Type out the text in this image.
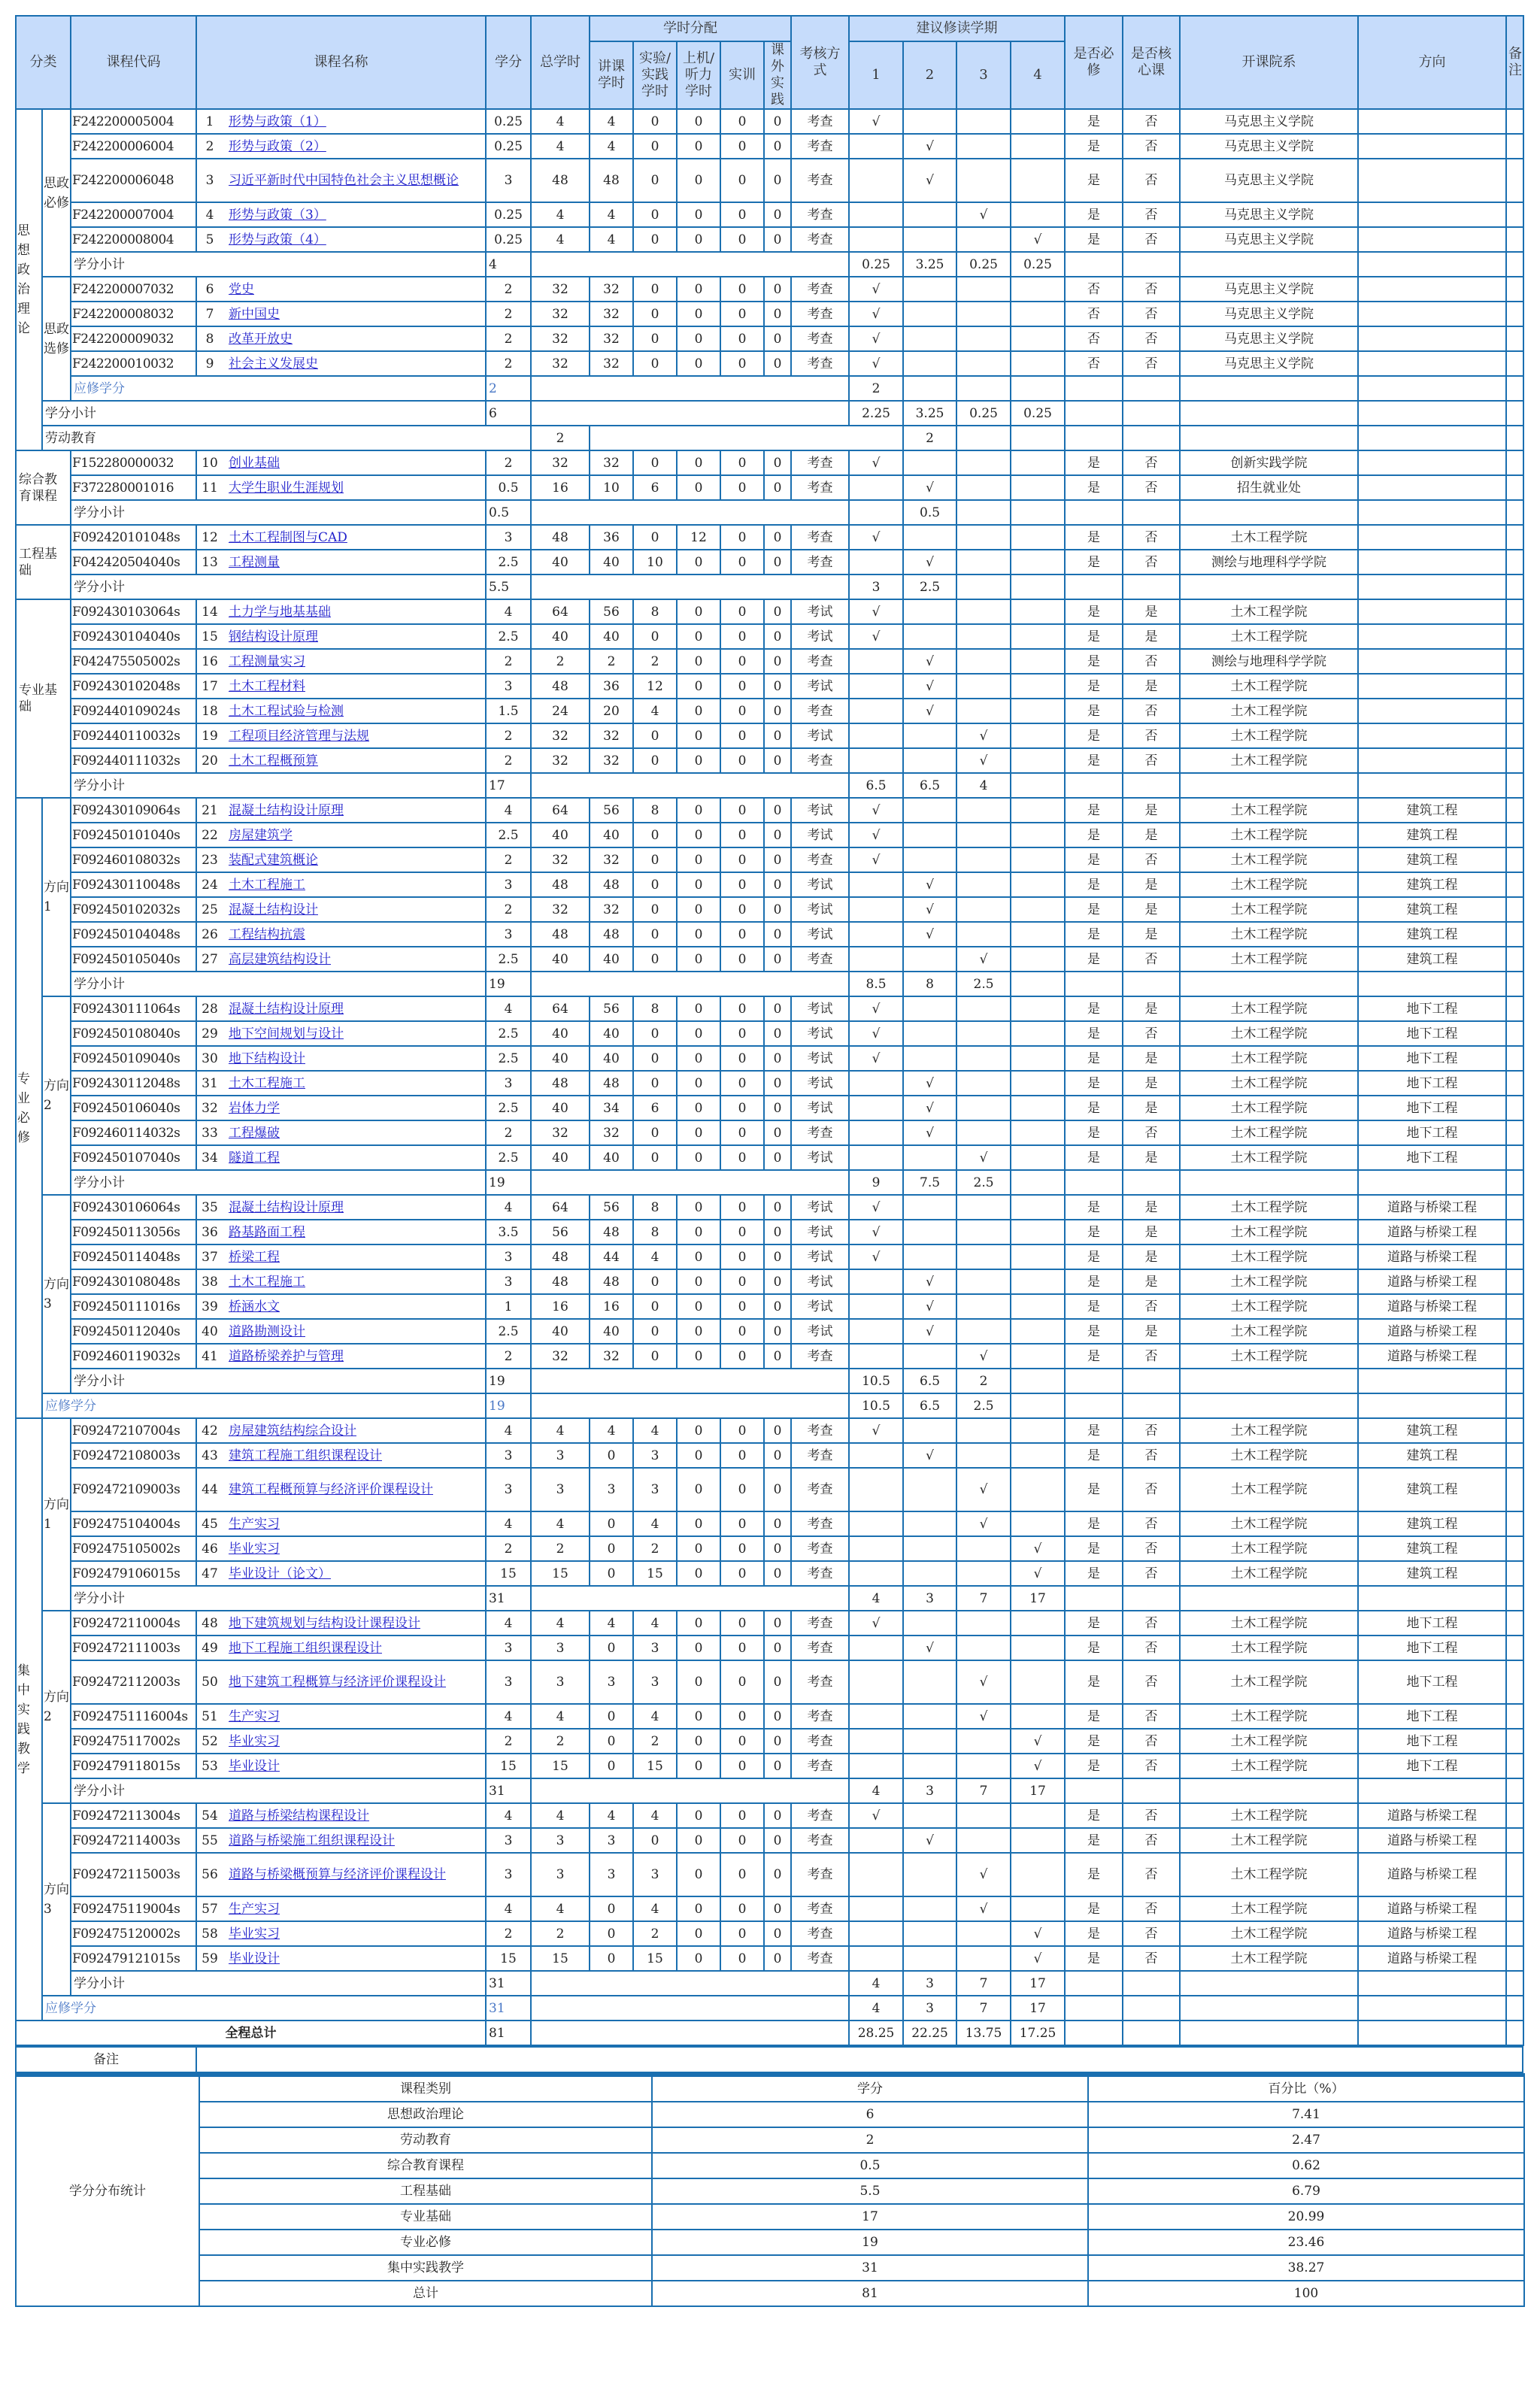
分类		课程代码	课程名称	学分	总学时	学时分配					考核方式	建议修读学期				是否必修	是否核心课	开课院系	方向	备注	
						讲课学时	实验/实践学时	上机/听力学时	实训	课外实践		1	2	3	4						
思想政治理论	思政必修	F242200005004	1 形势与政策（1）	0.25	4	4	0	0	0	0	考查	√				是	否	马克思主义学院			
		F242200006004	2 形势与政策（2）	0.25	4	4	0	0	0	0	考查		√			是	否	马克思主义学院			
		F242200006048	3 习近平新时代中国特色社会主义思想概论	3	48	48	0	0	0	0	考查		√			是	否	马克思主义学院			
		F242200007004	4 形势与政策（3）	0.25	4	4	0	0	0	0	考查			√		是	否	马克思主义学院			
		F242200008004	5 形势与政策（4）	0.25	4	4	0	0	0	0	考查				√	是	否	马克思主义学院			
		学分小计		4								0.25	3.25	0.25	0.25						
	思政选修	F242200007032	6 党史	2	32	32	0	0	0	0	考查	√				否	否	马克思主义学院			
		F242200008032	7 新中国史	2	32	32	0	0	0	0	考查	√				否	否	马克思主义学院			
		F242200009032	8 改革开放史	2	32	32	0	0	0	0	考查	√				否	否	马克思主义学院			
		F242200010032	9 社会主义发展史	2	32	32	0	0	0	0	考查	√				否	否	马克思主义学院			
		应修学分		2								2									
	学分小计			6								2.25	3.25	0.25	0.25						
	劳动教育				2								2								
综合教育课程		F152280000032	10 创业基础	2	32	32	0	0	0	0	考查	√				是	否	创新实践学院			
		F372280001016	11 大学生职业生涯规划	0.5	16	10	6	0	0	0	考查		√			是	否	招生就业处			
		学分小计		0.5									0.5								
工程基础		F092420101048s	12 土木工程制图与CAD	3	48	36	0	12	0	0	考查	√				是	否	土木工程学院			
		F042420504040s	13 工程测量	2.5	40	40	10	0	0	0	考查		√			是	否	测绘与地理科学学院			
		学分小计		5.5								3	2.5								
专业基础		F092430103064s	14 土力学与地基基础	4	64	56	8	0	0	0	考试	√				是	是	土木工程学院			
		F092430104040s	15 钢结构设计原理	2.5	40	40	0	0	0	0	考试	√				是	是	土木工程学院			
		F042475505002s	16 工程测量实习	2	2	2	2	0	0	0	考查		√			是	否	测绘与地理科学学院			
		F092430102048s	17 土木工程材料	3	48	36	12	0	0	0	考试		√			是	是	土木工程学院			
		F092440109024s	18 土木工程试验与检测	1.5	24	20	4	0	0	0	考查		√			是	否	土木工程学院			
		F092440110032s	19 工程项目经济管理与法规	2	32	32	0	0	0	0	考试			√		是	否	土木工程学院			
		F092440111032s	20 土木工程概预算	2	32	32	0	0	0	0	考查			√		是	否	土木工程学院			
		学分小计		17								6.5	6.5	4							
专业必修	方向1	F092430109064s	21 混凝土结构设计原理	4	64	56	8	0	0	0	考试	√				是	是	土木工程学院	建筑工程		
		F092450101040s	22 房屋建筑学	2.5	40	40	0	0	0	0	考试	√				是	是	土木工程学院	建筑工程		
		F092460108032s	23 装配式建筑概论	2	32	32	0	0	0	0	考查	√				是	否	土木工程学院	建筑工程		
		F092430110048s	24 土木工程施工	3	48	48	0	0	0	0	考试		√			是	是	土木工程学院	建筑工程		
		F092450102032s	25 混凝土结构设计	2	32	32	0	0	0	0	考试		√			是	是	土木工程学院	建筑工程		
		F092450104048s	26 工程结构抗震	3	48	48	0	0	0	0	考试		√			是	是	土木工程学院	建筑工程		
		F092450105040s	27 高层建筑结构设计	2.5	40	40	0	0	0	0	考查			√		是	否	土木工程学院	建筑工程		
		学分小计		19								8.5	8	2.5							
	方向2	F092430111064s	28 混凝土结构设计原理	4	64	56	8	0	0	0	考试	√				是	是	土木工程学院	地下工程		
		F092450108040s	29 地下空间规划与设计	2.5	40	40	0	0	0	0	考试	√				是	否	土木工程学院	地下工程		
		F092450109040s	30 地下结构设计	2.5	40	40	0	0	0	0	考试	√				是	是	土木工程学院	地下工程		
		F092430112048s	31 土木工程施工	3	48	48	0	0	0	0	考试		√			是	是	土木工程学院	地下工程		
		F092450106040s	32 岩体力学	2.5	40	34	6	0	0	0	考试		√			是	是	土木工程学院	地下工程		
		F092460114032s	33 工程爆破	2	32	32	0	0	0	0	考查		√			是	否	土木工程学院	地下工程		
		F092450107040s	34 隧道工程	2.5	40	40	0	0	0	0	考试			√		是	是	土木工程学院	地下工程		
		学分小计		19								9	7.5	2.5							
	方向3	F092430106064s	35 混凝土结构设计原理	4	64	56	8	0	0	0	考试	√				是	是	土木工程学院	道路与桥梁工程		
		F092450113056s	36 路基路面工程	3.5	56	48	8	0	0	0	考试	√				是	是	土木工程学院	道路与桥梁工程		
		F092450114048s	37 桥梁工程	3	48	44	4	0	0	0	考试	√				是	是	土木工程学院	道路与桥梁工程		
		F092430108048s	38 土木工程施工	3	48	48	0	0	0	0	考试		√			是	是	土木工程学院	道路与桥梁工程		
		F092450111016s	39 桥涵水文	1	16	16	0	0	0	0	考试		√			是	否	土木工程学院	道路与桥梁工程		
		F092450112040s	40 道路勘测设计	2.5	40	40	0	0	0	0	考试		√			是	是	土木工程学院	道路与桥梁工程		
		F092460119032s	41 道路桥梁养护与管理	2	32	32	0	0	0	0	考查			√		是	否	土木工程学院	道路与桥梁工程		
		学分小计		19								10.5	6.5	2							
	应修学分			19								10.5	6.5	2.5							
集中实践教学	方向1	F092472107004s	42 房屋建筑结构综合设计	4	4	4	4	0	0	0	考查	√				是	否	土木工程学院	建筑工程		
		F092472108003s	43 建筑工程施工组织课程设计	3	3	0	3	0	0	0	考查		√			是	否	土木工程学院	建筑工程		
		F092472109003s	44 建筑工程概预算与经济评价课程设计	3	3	3	3	0	0	0	考查			√		是	否	土木工程学院	建筑工程		
		F092475104004s	45 生产实习	4	4	0	4	0	0	0	考查			√		是	否	土木工程学院	建筑工程		
		F092475105002s	46 毕业实习	2	2	0	2	0	0	0	考查				√	是	否	土木工程学院	建筑工程		
		F092479106015s	47 毕业设计（论文）	15	15	0	15	0	0	0	考查				√	是	否	土木工程学院	建筑工程		
		学分小计		31								4	3	7	17						
	方向2	F092472110004s	48 地下建筑规划与结构设计课程设计	4	4	4	4	0	0	0	考查	√				是	否	土木工程学院	地下工程		
		F092472111003s	49 地下工程施工组织课程设计	3	3	0	3	0	0	0	考查		√			是	否	土木工程学院	地下工程		
		F092472112003s	50 地下建筑工程概算与经济评价课程设计	3	3	3	3	0	0	0	考查			√		是	否	土木工程学院	地下工程		
		F0924751116004s	51 生产实习	4	4	0	4	0	0	0	考查			√		是	否	土木工程学院	地下工程		
		F092475117002s	52 毕业实习	2	2	0	2	0	0	0	考查				√	是	否	土木工程学院	地下工程		
		F092479118015s	53 毕业设计	15	15	0	15	0	0	0	考查				√	是	否	土木工程学院	地下工程		
		学分小计		31								4	3	7	17						
	方向3	F092472113004s	54 道路与桥梁结构课程设计	4	4	4	4	0	0	0	考查	√				是	否	土木工程学院	道路与桥梁工程		
		F092472114003s	55 道路与桥梁施工组织课程设计	3	3	3	0	0	0	0	考查		√			是	否	土木工程学院	道路与桥梁工程		
		F092472115003s	56 道路与桥梁概预算与经济评价课程设计	3	3	3	3	0	0	0	考查			√		是	否	土木工程学院	道路与桥梁工程		
		F092475119004s	57 生产实习	4	4	0	4	0	0	0	考查			√		是	否	土木工程学院	道路与桥梁工程		
		F092475120002s	58 毕业实习	2	2	0	2	0	0	0	考查				√	是	否	土木工程学院	道路与桥梁工程		
		F092479121015s	59 毕业设计	15	15	0	15	0	0	0	考查				√	是	否	土木工程学院	道路与桥梁工程		
		学分小计		31								4	3	7	17						
	应修学分			31								4	3	7	17						
全程总计				81								28.25	22.25	13.75	17.25						
备注	
学分分布统计	课程类别	学分	百分比（%）
	思想政治理论	6	7.41
	劳动教育	2	2.47
	综合教育课程	0.5	0.62
	工程基础	5.5	6.79
	专业基础	17	20.99
	专业必修	19	23.46
	集中实践教学	31	38.27
	总计	81	100
